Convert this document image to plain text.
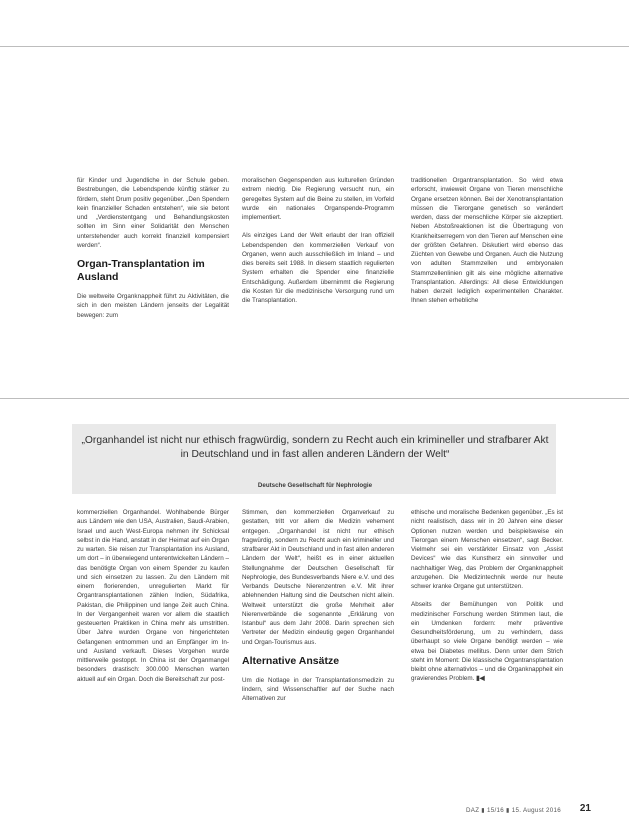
für Kinder und Jugendliche in der Schule geben. Bestrebungen, die Lebendspende künftig stärker zu fördern, steht Drum positiv gegenüber. „Den Spendern kein finanzieller Schaden entstehen“, wie sie betont und „Verdienstentgang und Behandlungskosten sollten im Sinn einer Solidarität den Menschen unterstehender auch korrekt finanziell kompensiert werden“.

Organ-Transplantation im Ausland

Die weltweite Organknappheit führt zu Aktivitäten, die sich in den meisten Ländern jenseits der Legalität bewegen: zum

moralischen Gegenspenden aus kulturellen Gründen extrem niedrig. Die Regierung versucht nun, ein geregeltes System auf die Beine zu stellen, im Vorfeld wurde ein nationales Organspende-Programm implementiert.

Als einziges Land der Welt erlaubt der Iran offiziell Lebendspenden den kommerziellen Verkauf von Organen, wenn auch ausschließlich im Inland – und dies bereits seit 1988. In diesem staatlich regulierten System erhalten die Spender eine finanzielle Entschädigung. Außerdem übernimmt die Regierung die Kosten für die medizinische Versorgung rund um die Transplantation.

traditionellen Organtransplantation. So wird etwa erforscht, inwieweit Organe von Tieren menschliche Organe ersetzen können. Bei der Xenotransplantation müssen die Tierorgane genetisch so verändert werden, dass der menschliche Körper sie akzeptiert. Neben Abstoßreaktionen ist die Übertragung von Krankheitserregern von den Tieren auf Menschen eine der größten Gefahren. Diskutiert wird ebenso das Züchten von Gewebe und Organen. Auch die Nutzung von adulten Stammzellen und embryonalen Stammzellenlinien gilt als eine mögliche alternative Transplantation. Allerdings: All diese Entwicklungen haben derzeit lediglich experimentellen Charakter. Ihnen stehen erhebliche

„Organhandel ist nicht nur ethisch fragwürdig, sondern zu Recht auch ein krimineller und strafbarer Akt in Deutschland und in fast allen anderen Ländern der Welt“
Deutsche Gesellschaft für Nephrologie

kommerziellen Organhandel. Wohlhabende Bürger aus Ländern wie den USA, Australien, Saudi-Arabien, Israel und auch West-Europa nehmen ihr Schicksal selbst in die Hand, anstatt in der Heimat auf ein Organ zu warten. Sie reisen zur Transplantation ins Ausland, um dort – in überwiegend unterentwickelten Ländern – das benötigte Organ von einem Spender zu kaufen und sich einsetzen zu lassen. Zu den Ländern mit einem florierenden, unregulierten Markt für Organtransplantationen zählen Indien, Südafrika, Pakistan, die Philippinen und lange Zeit auch China. In der Vergangenheit waren vor allem die staatlich gesteuerten Praktiken in China mehr als umstritten. Über Jahre wurden Organe von hingerichteten Gefangenen entnommen und an Empfänger im In- und Ausland verkauft. Dieses Vorgehen wurde mittlerweile gestoppt. In China ist der Organmangel besonders drastisch: 300.000 Menschen warten aktuell auf ein Organ. Doch die Bereitschaft zur post-

Stimmen, den kommerziellen Organverkauf zu gestatten, tritt vor allem die Medizin vehement entgegen. „Organhandel ist nicht nur ethisch fragwürdig, sondern zu Recht auch ein krimineller und strafbarer Akt in Deutschland und in fast allen anderen Ländern der Welt“, heißt es in einer aktuellen Stellungnahme der Deutschen Gesellschaft für Nephrologie, des Bundesverbands Niere e.V. und des Verbands Deutsche Nierenzentren e.V. Mit ihrer ablehnenden Haltung sind die Deutschen nicht allein. Weltweit unterstützt die große Mehrheit aller Nierenverbände die sogenannte „Erklärung von Istanbul“ aus dem Jahr 2008. Darin sprechen sich Vertreter der Medizin eindeutig gegen Organhandel und Organ-Tourismus aus.

Alternative Ansätze

Um die Notlage in der Transplantationsmedizin zu lindern, sind Wissenschaftler auf der Suche nach Alternativen zur

ethische und moralische Bedenken gegenüber. „Es ist nicht realistisch, dass wir in 20 Jahren eine dieser Optionen nutzen werden und beispielsweise ein Tierorgan einem Menschen einsetzen“, sagt Becker. Vielmehr sei ein verstärkter Einsatz von „Assist Devices“ wie das Kunstherz ein sinnvoller und nachhaltiger Weg, das Problem der Organknappheit anzugehen. Die Medizintechnik werde nur heute schwer kranke Organe gut unterstützen.

Abseits der Bemühungen von Politik und medizinischer Forschung werden Stimmen laut, die ein Umdenken fordern: mehr präventive Gesundheitsförderung, um zu verhindern, dass überhaupt so viele Organe benötigt werden – wie etwa bei Diabetes mellitus. Denn unter dem Strich steht im Moment: Die klassische Organtransplantation bleibt ohne alternativlos – und die Organknappheit ein gravierendes Problem. ▮◀

DAZ ▮ 15/16 ▮ 15. August 2016 21
